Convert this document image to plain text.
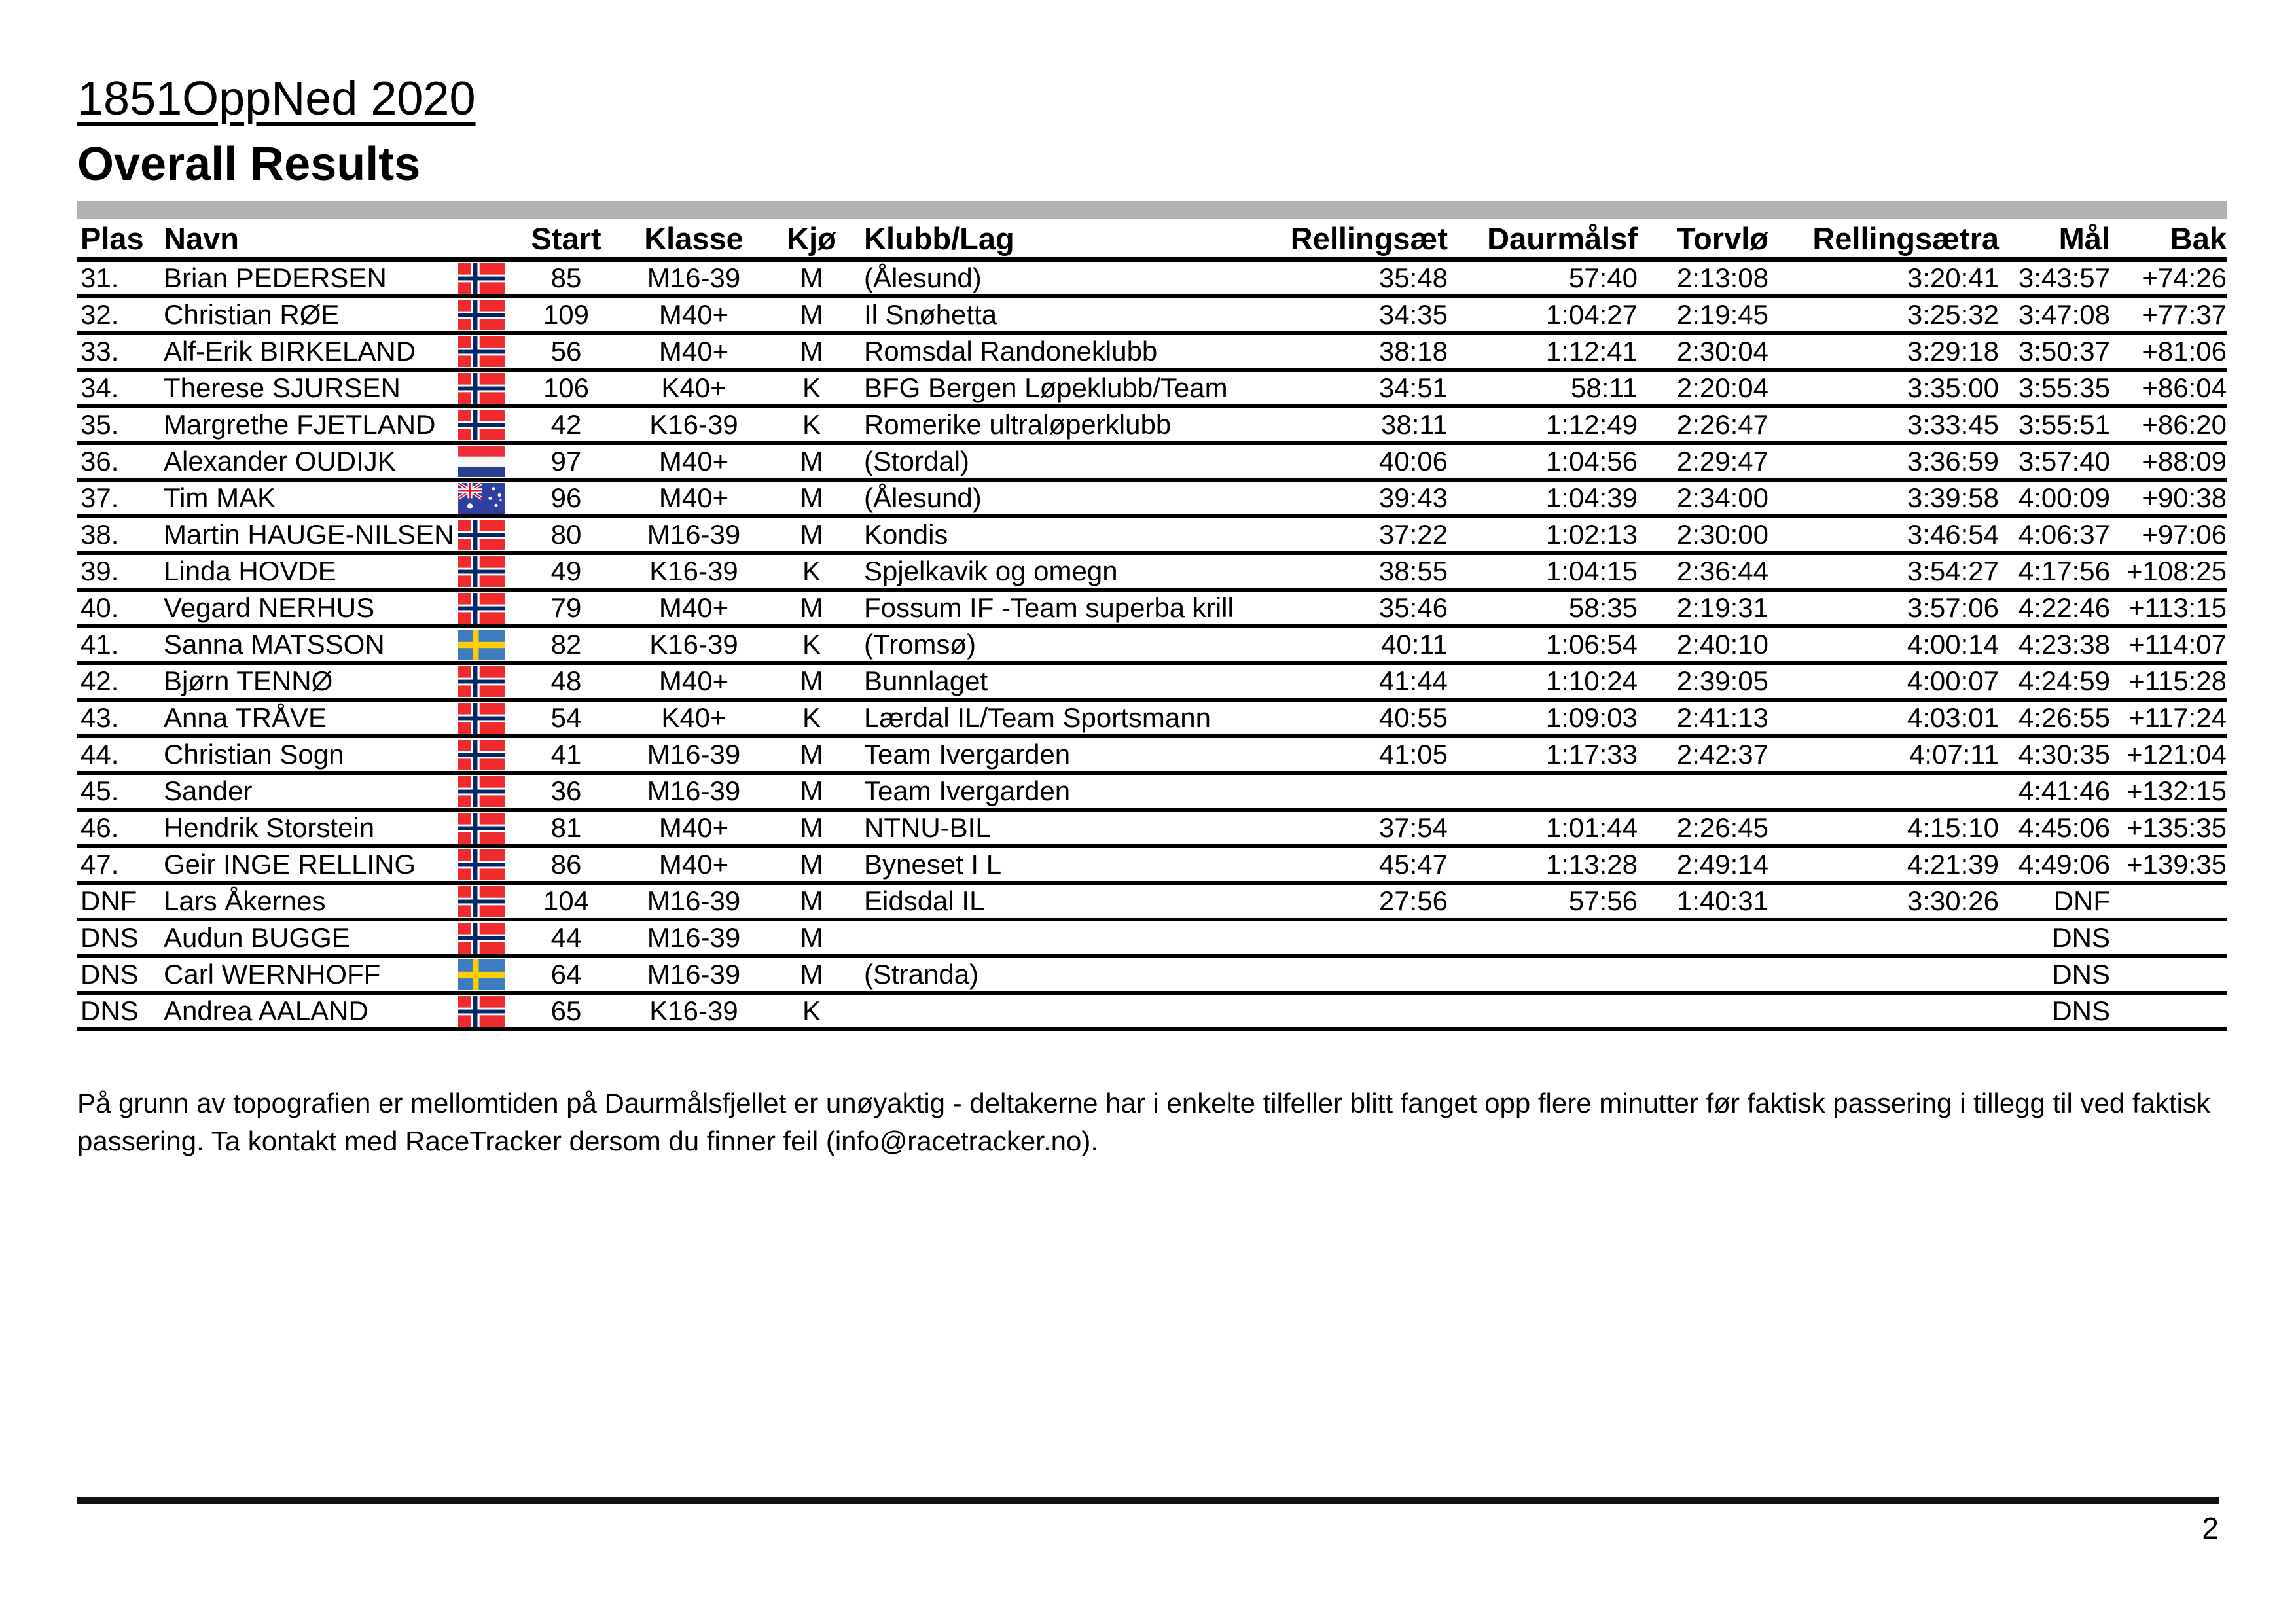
1851OppNed 2020
Overall Results
Plas	Navn		Start	Klasse	Kjø	Klubb/Lag	Rellingsæt	Daurmålsf	Torvlø	Rellingsætra	Mål	Bak
31.	Brian PEDERSEN		85	M16-39	M	(Ålesund)	35:48	57:40	2:13:08	3:20:41	3:43:57	+74:26
32.	Christian RØE		109	M40+	M	Il Snøhetta	34:35	1:04:27	2:19:45	3:25:32	3:47:08	+77:37
33.	Alf-Erik BIRKELAND		56	M40+	M	Romsdal Randoneklubb	38:18	1:12:41	2:30:04	3:29:18	3:50:37	+81:06
34.	Therese SJURSEN		106	K40+	K	BFG Bergen Løpeklubb/Team	34:51	58:11	2:20:04	3:35:00	3:55:35	+86:04
35.	Margrethe FJETLAND		42	K16-39	K	Romerike ultraløperklubb	38:11	1:12:49	2:26:47	3:33:45	3:55:51	+86:20
36.	Alexander OUDIJK		97	M40+	M	(Stordal)	40:06	1:04:56	2:29:47	3:36:59	3:57:40	+88:09
37.	Tim MAK		96	M40+	M	(Ålesund)	39:43	1:04:39	2:34:00	3:39:58	4:00:09	+90:38
38.	Martin HAUGE-NILSEN		80	M16-39	M	Kondis	37:22	1:02:13	2:30:00	3:46:54	4:06:37	+97:06
39.	Linda HOVDE		49	K16-39	K	Spjelkavik og omegn	38:55	1:04:15	2:36:44	3:54:27	4:17:56	+108:25
40.	Vegard NERHUS		79	M40+	M	Fossum IF -Team superba krill	35:46	58:35	2:19:31	3:57:06	4:22:46	+113:15
41.	Sanna MATSSON		82	K16-39	K	(Tromsø)	40:11	1:06:54	2:40:10	4:00:14	4:23:38	+114:07
42.	Bjørn TENNØ		48	M40+	M	Bunnlaget	41:44	1:10:24	2:39:05	4:00:07	4:24:59	+115:28
43.	Anna TRÅVE		54	K40+	K	Lærdal IL/Team Sportsmann	40:55	1:09:03	2:41:13	4:03:01	4:26:55	+117:24
44.	Christian Sogn		41	M16-39	M	Team Ivergarden	41:05	1:17:33	2:42:37	4:07:11	4:30:35	+121:04
45.	Sander		36	M16-39	M	Team Ivergarden					4:41:46	+132:15
46.	Hendrik Storstein		81	M40+	M	NTNU-BIL	37:54	1:01:44	2:26:45	4:15:10	4:45:06	+135:35
47.	Geir INGE RELLING		86	M40+	M	Byneset I L	45:47	1:13:28	2:49:14	4:21:39	4:49:06	+139:35
DNF	Lars Åkernes		104	M16-39	M	Eidsdal IL	27:56	57:56	1:40:31	3:30:26	DNF	
DNS	Audun BUGGE		44	M16-39	M						DNS	
DNS	Carl WERNHOFF		64	M16-39	M	(Stranda)					DNS	
DNS	Andrea AALAND		65	K16-39	K						DNS	

På grunn av topografien er mellomtiden på Daurmålsfjellet er unøyaktig - deltakerne har i enkelte tilfeller blitt fanget opp flere minutter før faktisk passering i tillegg til ved faktisk
passering. Ta kontakt med RaceTracker dersom du finner feil (info@racetracker.no).

2
